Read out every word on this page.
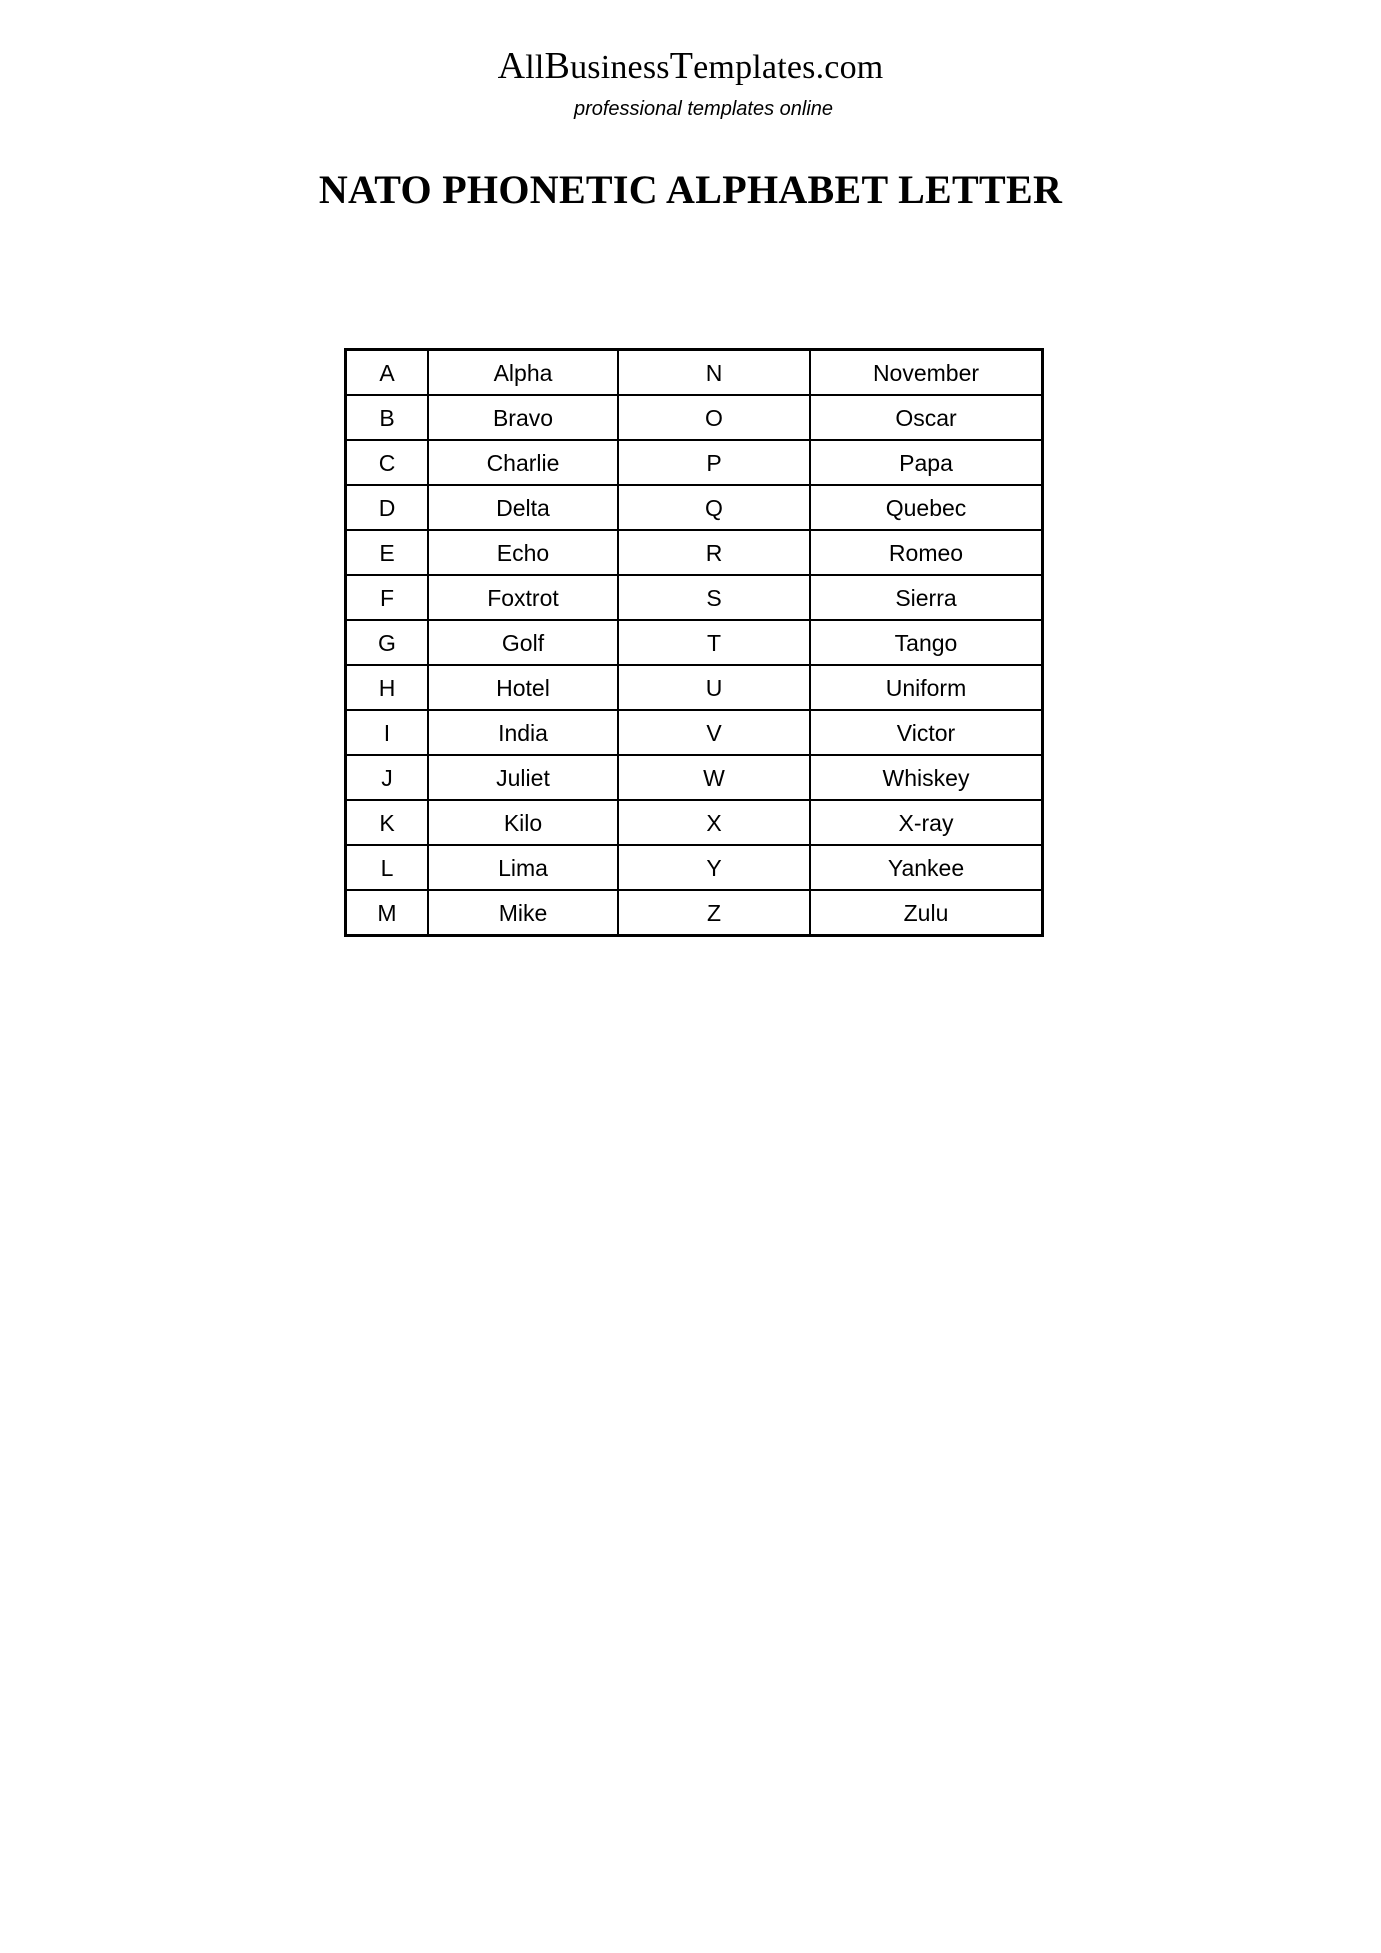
AllBusinessTemplates.com
professional templates online
NATO PHONETIC ALPHABET LETTER
A	Alpha	N	November
B	Bravo	O	Oscar
C	Charlie	P	Papa
D	Delta	Q	Quebec
E	Echo	R	Romeo
F	Foxtrot	S	Sierra
G	Golf	T	Tango
H	Hotel	U	Uniform
I	India	V	Victor
J	Juliet	W	Whiskey
K	Kilo	X	X-ray
L	Lima	Y	Yankee
M	Mike	Z	Zulu
